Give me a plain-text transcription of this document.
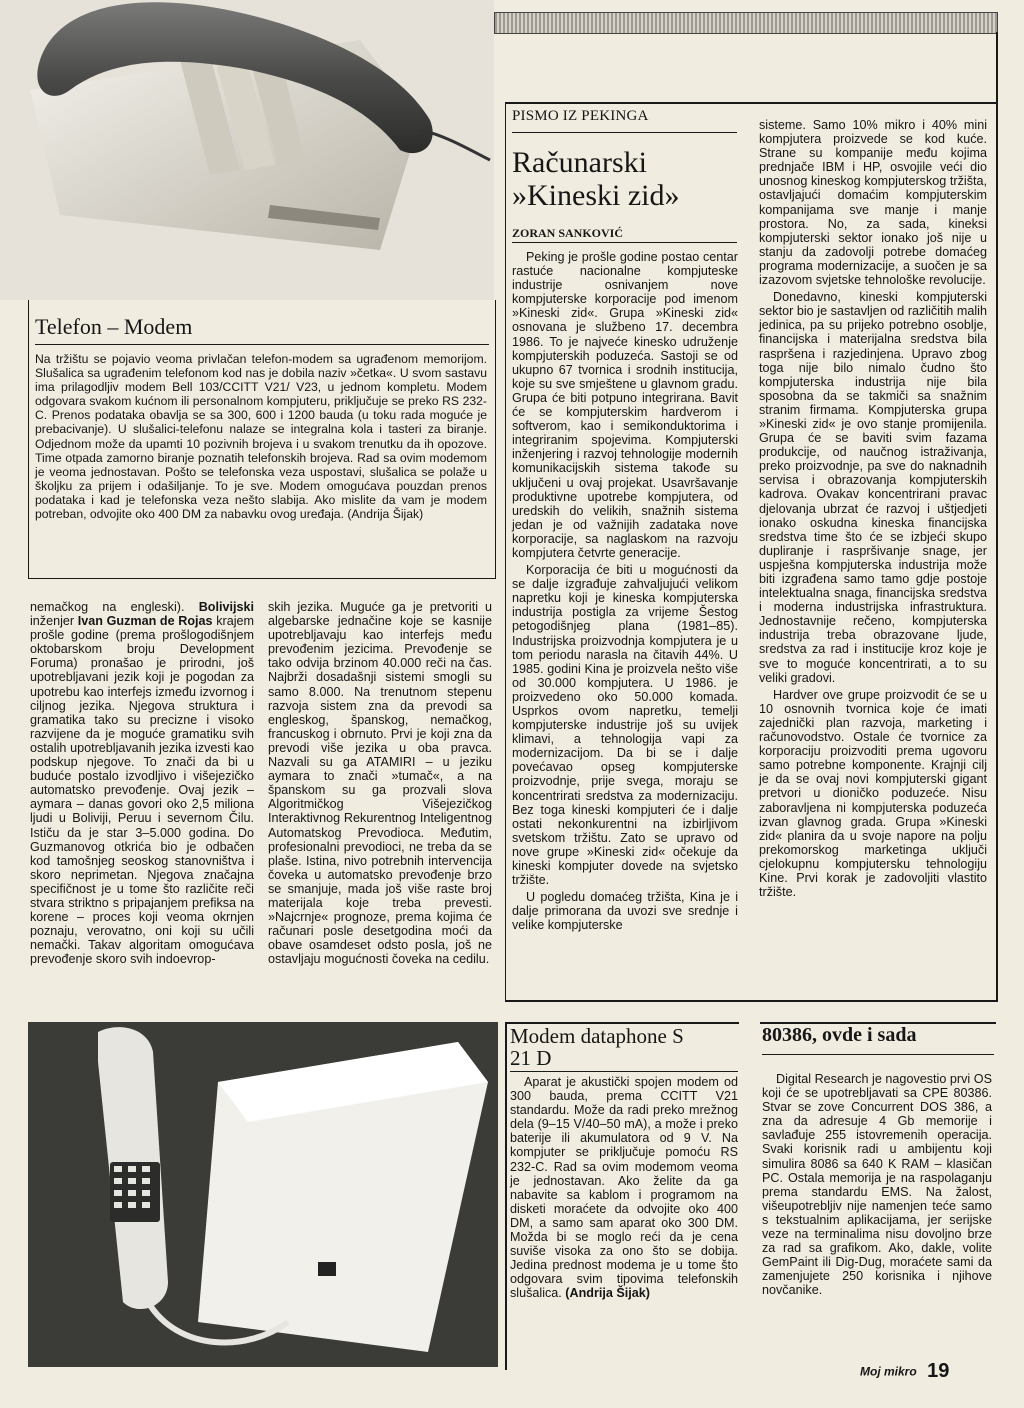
Telefon – Modem
Na tržištu se pojavio veoma privlačan telefon-modem sa ugrađenom memorijom. Slušalica sa ugrađenim telefonom kod nas je dobila naziv »četka«. U svom sastavu ima prilagodljiv modem Bell 103/CCITT V21/ V23, u jednom kompletu. Modem odgovara svakom kućnom ili personalnom kompjuteru, priključuje se preko RS 232-C. Prenos podataka obavlja se sa 300, 600 i 1200 bauda (u toku rada moguće je prebacivanje). U slušalici-telefonu nalaze se integralna kola i tasteri za biranje. Odjednom može da upamti 10 pozivnih brojeva i u svakom trenutku da ih opozove. Time otpada zamorno biranje poznatih telefonskih brojeva. Rad sa ovim modemom je veoma jednostavan. Pošto se telefonska veza uspostavi, slušalica se polaže u školjku za prijem i odašiljanje. To je sve. Modem omogućava pouzdan prenos podataka i kad je telefonska veza nešto slabija. Ako mislite da vam je modem potreban, odvojite oko 400 DM za nabavku ovog uređaja. (Andrija Šijak)

nemačkog na engleski). Bolivijski inženjer Ivan Guzman de Rojas krajem prošle godine (prema prošlogodišnjem oktobarskom broju Development Foruma) pronašao je prirodni, još upotrebljavani jezik koji je pogodan za upotrebu kao interfejs između izvornog i ciljnog jezika. Njegova struktura i gramatika tako su precizne i visoko razvijene da je moguće gramatiku svih ostalih upotrebljavanih jezika izvesti kao podskup njegove. To znači da bi u buduće postalo izvodljivo i višejezičko automatsko prevođenje. Ovaj jezik – aymara – danas govori oko 2,5 miliona ljudi u Boliviji, Peruu i severnom Čilu. Ističu da je star 3–5.000 godina. Do Guzmanovog otkrića bio je odbačen kod tamošnjeg seoskog stanovništva i skoro neprimetan. Njegova značajna specifičnost je u tome što različite reči stvara striktno s pripajanjem prefiksa na korene – proces koji veoma okrnjen poznaju, verovatno, oni koji su učili nemački. Takav algoritam omogućava prevođenje skoro svih indoevrop-

skih jezika. Mugućе ga je pretvoriti u algebarske jednačine koje se kasnije upotrebljavaju kao interfejs među prevođenim jezicima. Prevođenje se tako odvija brzinom 40.000 reči na čas. Najbrži dosadašnji sistemi smogli su samo 8.000. Na trenutnom stepenu razvoja sistem zna da prevodi sa engleskog, španskog, nemačkog, francuskog i obrnuto. Prvi je koji zna da prevodi više jezika u oba pravca. Nazvali su ga ATAMIRI – u jeziku aymara to znači »tumač«, a na španskom su ga prozvali slova Algoritmičkog Višejezičkog Interaktivnog Rekurentnog Inteligentnog Automatskog Prevodioca. Međutim, profesionalni prevodioci, ne treba da se plaše. Istina, nivo potrebnih intervencija čoveka u automatsko prevođenje brzo se smanjuje, mada još više raste broj materijala koje treba prevesti. »Najcrnje« prognoze, prema kojima će računari posle desetgodina moći da obave osamdeset odsto posla, još ne ostavljaju mogućnosti čoveka na cedilu.

PISMO IZ PEKINGA
Računarski
»Kineski zid»
ZORAN SANKOVIĆ

Peking je prošle godine postao centar rastuće nacionalne kompjuteske industrije osnivanjem nove kompjuterske korporacije pod imenom »Kineski zid«. Grupa »Kineski zid« osnovana je službeno 17. decembra 1986. To je najveće kinesko udruženje kompjuterskih poduzeća. Sastoji se od ukupno 67 tvornica i srodnih institucija, koje su sve smještene u glavnom gradu. Grupa će biti potpuno integrirana. Bavit će se kompjuterskim hardverom i softverom, kao i semikonduktorima i integriranim spojevima. Kompjuterski inženjering i razvoj tehnologije modernih komunikacijskih sistema takođe su uključeni u ovaj projekat. Usavršavanje produktivne upotrebe kompjutera, od uredskih do velikih, snažnih sistema jedan je od važnijih zadataka nove korporacije, sa naglaskom na razvoju kompjutera četvrte generacije.

Korporacija će biti u mogućnosti da se dalje izgrađuje zahvaljujući velikom napretku koji je kineska kompjuterska industrija postigla za vrijeme Šestog petogodišnjeg plana (1981–85). Industrijska proizvodnja kompjutera je u tom periodu narasla na čitavih 44%. U 1985. godini Kina je proizvela nešto više od 30.000 kompjutera. U 1986. je proizvedeno oko 50.000 komada. Usprkos ovom napretku, temelji kompjuterske industrije još su uvijek klimavi, a tehnologija vapi za modernizacijom. Da bi se i dalje povećavao opseg kompjuterske proizvodnje, prije svega, moraju se koncentrirati sredstva za modernizaciju. Bez toga kineski kompjuteri će i dalje ostati nekonkurentni na izbirljivom svetskom tržištu. Zato se upravo od nove grupe »Kineski zid« očekuje da kineski kompjuter dovede na svjetsko tržište.

U pogledu domaćeg tržišta, Kina je i dalje primorana da uvozi sve srednje i velike kompjuterske

sisteme. Samo 10% mikro i 40% mini kompjutera proizvede se kod kuće. Strane su kompanije među kojima prednjače IBM i HP, osvojile veći dio unosnog kineskog kompjuterskog tržišta, ostavljajući domaćim kompjuterskim kompanijama sve manje i manje prostora. No, za sada, kineksi kompjuterski sektor ionako još nije u stanju da zadovolji potrebe domaćeg programa modernizacije, a suočen je sa izazovom svjetske tehnološke revolucije.

Donedavno, kineski kompjuterski sektor bio je sastavljen od različitih malih jedinica, pa su prijeko potrebno osoblje, financijska i materijalna sredstva bila raspršena i razjedinjena. Upravo zbog toga nije bilo nimalo čudno što kompjuterska industrija nije bila sposobna da se takmiči sa snažnim stranim firmama. Kompjuterska grupa »Kineski zid« je ovo stanje promijenila. Grupa će se baviti svim fazama produkcije, od naučnog istraživanja, preko proizvodnje, pa sve do naknadnih servisa i obrazovanja kompjuterskih kadrova. Ovakav koncentrirani pravac djelovanja ubrzat će razvoj i uštjedjeti ionako oskudna kineska financijska sredstva time što će se izbjeći skupo dupliranje i raspršivanje snage, jer uspješna kompjuterska industrija može biti izgrađena samo tamo gdje postoje intelektualna snaga, financijska sredstva i moderna industrijska infrastruktura. Jednostavnije rečeno, kompjuterska industrija treba obrazovane ljude, sredstva za rad i institucije kroz koje je sve to moguće koncentrirati, a to su veliki gradovi.

Hardver ove grupe proizvodit će se u 10 osnovnih tvornica koje će imati zajednički plan razvoja, marketing i računovodstvo. Ostale će tvornice za korporaciju proizvoditi prema ugovoru samo potrebne komponente. Krajnji cilj je da se ovaj novi kompjuterski gigant pretvori u dioničko poduzeće. Nisu zaboravljena ni kompjuterska poduzeća izvan glavnog grada. Grupa »Kineski zid« planira da u svoje napore na polju prekomorskog marketinga uključi cjelokupnu kompjutersku tehnologiju Kine. Prvi korak je zadovoljiti vlastito tržište.

Modem dataphone S
21 D

Aparat je akustički spojen modem od 300 bauda, prema CCITT V21 standardu. Može da radi preko mrežnog dela (9–15 V/40–50 mA), a može i preko baterije ili akumulatora od 9 V. Na kompjuter se priključuje pomoću RS 232-C. Rad sa ovim modemom veoma je jednostavan. Ako želite da ga nabavite sa kablom i programom na disketi moraćete da odvojite oko 400 DM, a samo sam aparat oko 300 DM. Možda bi se moglo reći da je cena suviše visoka za ono što se dobija. Jedina prednost modema je u tome što odgovara svim tipovima telefonskih slušalica. (Andrija Šijak)

80386, ovde i sada

Digital Research je nagovestio prvi OS koji će se upotrebljavati sa CPE 80386. Stvar se zove Concurrent DOS 386, a zna da adresuje 4 Gb memorije i savlađuje 255 istovremenih operacija. Svaki korisnik radi u ambijentu koji simulira 8086 sa 640 K RAM – klasičan PC. Ostala memorija je na raspolaganju prema standardu EMS. Na žalost, višeupotrebljiv nije namenjen teće samo s tekstualnim aplikacijama, jer serijske veze na terminalima nisu dovoljno brze za rad sa grafikom. Ako, dakle, volite GemPaint ili Dig-Dug, moraćete sami da zamenjujete 250 korisnika i njihove novčanike.

Moj mikro 19
